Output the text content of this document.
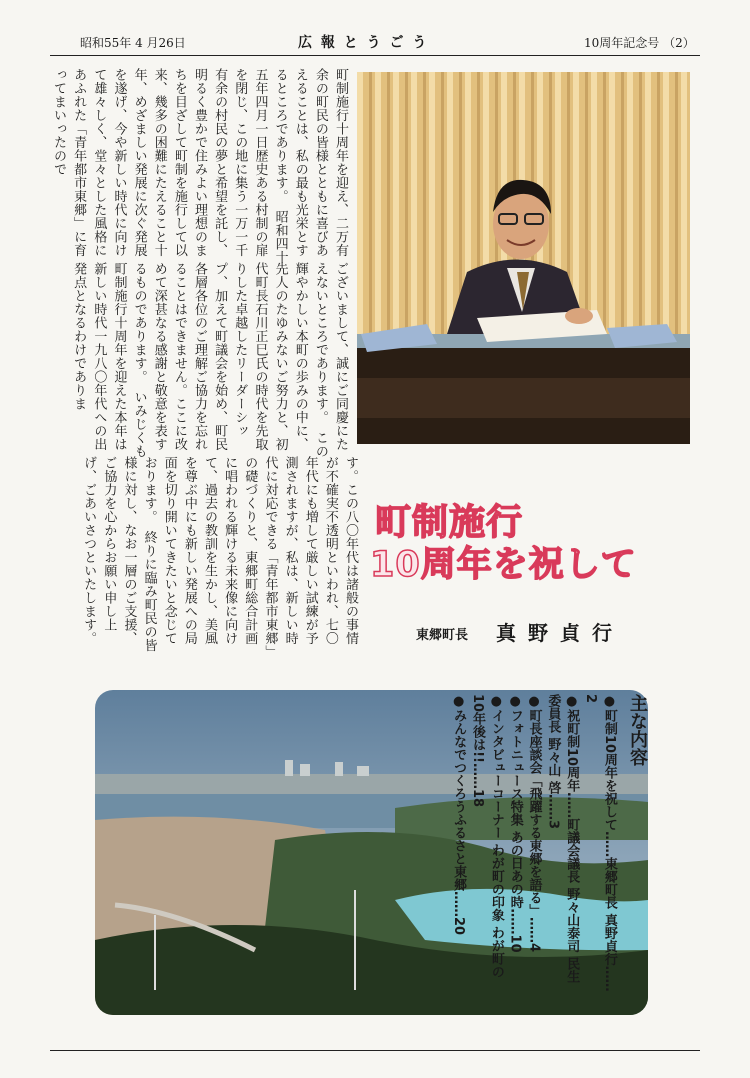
昭和55年 4 月26日	広 報 と う ご う	10周年記念号 （2）

町制施行十周年を迎え、二万有余の町民の皆様とともに喜びあえることは、私の最も光栄とするところであります。　昭和四十五年四月一日歴史ある村制の扉を閉じ、この地に集う一万一千有余の村民の夢と希望を託し、明るく豊かで住みよい理想のまちを目ざして町制を施行して以来、幾多の困難にたえること十年、めざましい発展に次ぐ発展を遂げ、今や新しい時代に向けて雄々しく、堂々とした風格にあふれた「青年都市東郷」に育ってまいったので

ございまして、誠にご同慶にたえないところであります。　この輝やかしい本町の歩みの中に、先人のたゆみないご努力と、初代町長石川正巳氏の時代を先取りした卓越したリーダーシップ、加えて町議会を始め、町民各層各位のご理解ご協力を忘れることはできません。ここに改めて深甚なる感謝と敬意を表するものであります。　いみじくも町制施行十周年を迎えた本年は新しい時代一九八〇年代への出発点となるわけでありま

す。この八〇年代は諸般の事情が不確実不透明といわれ、七〇年代にも増して厳しい試練が予測されますが、私は、新しい時代に対応できる「青年都市東郷」の礎づくりと、東郷町総合計画に唱われる輝ける未来像に向けて、過去の教訓を生かし、美風を尊ぶ中にも新しい発展への局面を切り開いてきたいと念じております。　終りに臨み町民の皆様に対し、なお一層のご支援、ご協力を心からお願い申し上げ、ごあいさつといたします。	町制施行
10周年を祝して
東郷町長 真野貞行
主な内容

●町制10周年を祝して……東郷町長 真野貞行……2

●祝町制10周年……町議会議長 野々山泰司 民生委員長 野々山 啓……3

●町長座談会「飛躍する東郷を語る」……4

●フォトニュース特集 あの日あの時……10

●インタビューコーナー わが町の印象 わが町の10年後は!!……18

●みんなでつくろうふるさと東郷……20
